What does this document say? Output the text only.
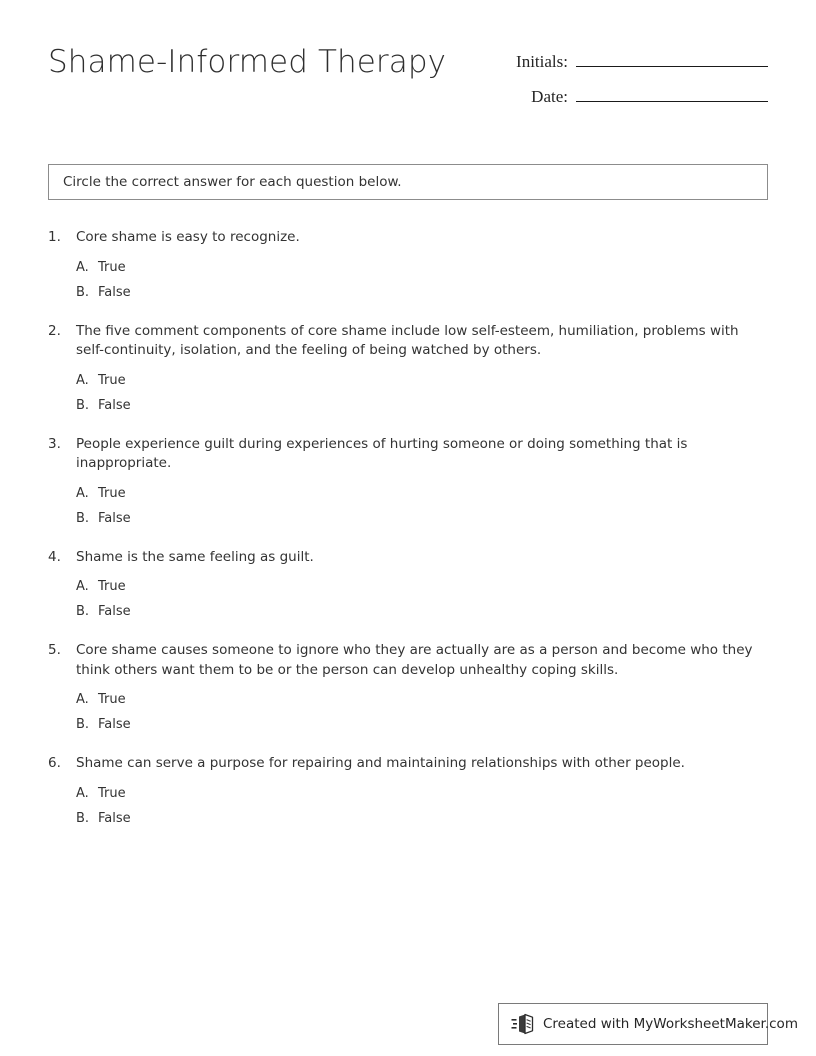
Shame-Informed Therapy	Initials:
Date:
Circle the correct answer for each question below.
1.	Core shame is easy to recognize.
A. True
B. False
2.	The five comment components of core shame include low self-esteem, humiliation, problems with self-continuity, isolation, and the feeling of being watched by others.
A. True
B. False
3.	People experience guilt during experiences of hurting someone or doing something that is inappropriate.
A. True
B. False
4.	Shame is the same feeling as guilt.
A. True
B. False
5.	Core shame causes someone to ignore who they are actually are as a person and become who they think others want them to be or the person can develop unhealthy coping skills.
A. True
B. False
6.	Shame can serve a purpose for repairing and maintaining relationships with other people.
A. True
B. False
Created with MyWorksheetMaker.com
